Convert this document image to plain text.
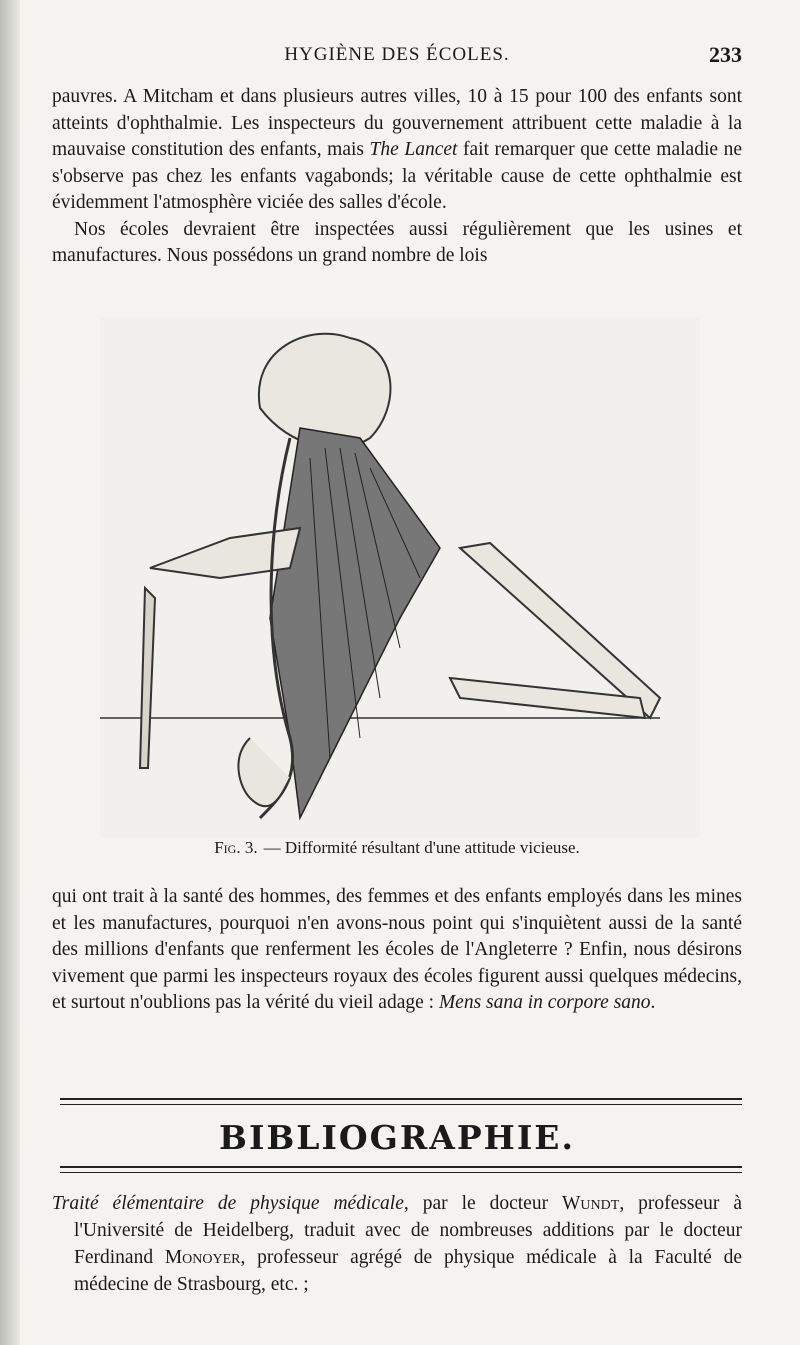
HYGIÈNE DES ÉCOLES.	233

pauvres. A Mitcham et dans plusieurs autres villes, 10 à 15 pour 100 des enfants sont atteints d'ophthalmie. Les inspecteurs du gouvernement attribuent cette maladie à la mauvaise constitution des enfants, mais The Lancet fait remarquer que cette maladie ne s'observe pas chez les enfants vagabonds; la véritable cause de cette ophthalmie est évidemment l'atmosphère viciée des salles d'école.

Nos écoles devraient être inspectées aussi régulièrement que les usines et manufactures. Nous possédons un grand nombre de lois

Fig. 3. — Difformité résultant d'une attitude vicieuse.

qui ont trait à la santé des hommes, des femmes et des enfants employés dans les mines et les manufactures, pourquoi n'en avons-nous point qui s'inquiètent aussi de la santé des millions d'enfants que renferment les écoles de l'Angleterre ? Enfin, nous désirons vivement que parmi les inspecteurs royaux des écoles figurent aussi quelques médecins, et surtout n'oublions pas la vérité du vieil adage : Mens sana in corpore sano.

BIBLIOGRAPHIE.

Traité élémentaire de physique médicale, par le docteur Wundt, professeur à l'Université de Heidelberg, traduit avec de nombreuses additions par le docteur Ferdinand Monoyer, professeur agrégé de physique médicale à la Faculté de médecine de Strasbourg, etc. ;
